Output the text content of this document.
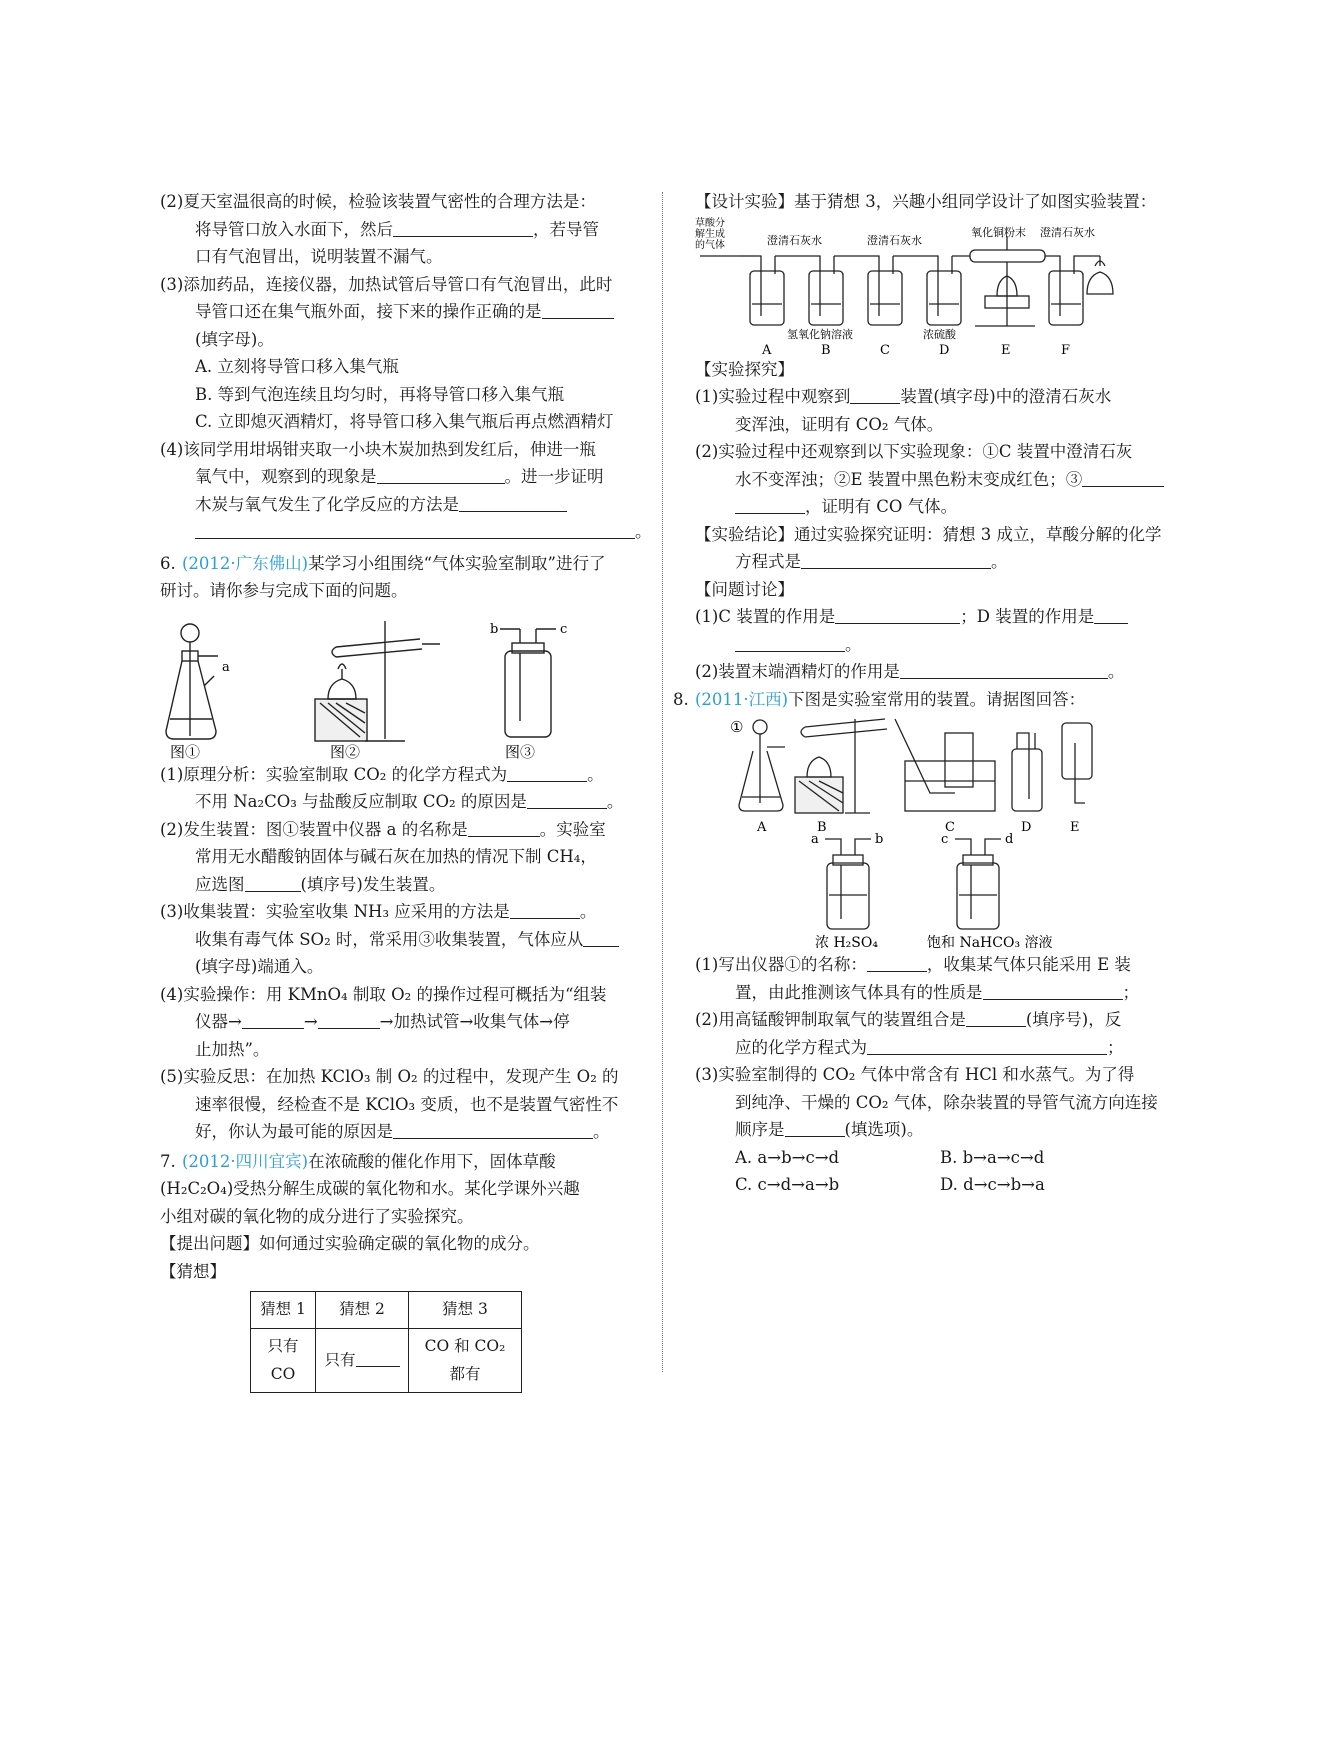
(2)夏天室温很高的时候，检验该装置气密性的合理方法是：

将导管口放入水面下，然后	，若导管

口有气泡冒出，说明装置不漏气。

(3)添加药品，连接仪器，加热试管后导管口有气泡冒出，此时

导管口还在集气瓶外面，接下来的操作正确的是

(填字母)。

A. 立刻将导管口移入集气瓶

B. 等到气泡连续且均匀时，再将导管口移入集气瓶

C. 立即熄灭酒精灯，将导管口移入集气瓶后再点燃酒精灯

(4)该同学用坩埚钳夹取一小块木炭加热到发红后，伸进一瓶

氧气中，观察到的现象是	。进一步证明

木炭与氧气发生了化学反应的方法是

。

6. (2012·广东佛山)某学习小组围绕“气体实验室制取”进行了

研讨。请你参与完成下面的问题。

a
b	c
图①	图②	图③

(1)原理分析：实验室制取 CO₂ 的化学方程式为	。

不用 Na₂CO₃ 与盐酸反应制取 CO₂ 的原因是	。

(2)发生装置：图①装置中仪器 a 的名称是	。实验室

常用无水醋酸钠固体与碱石灰在加热的情况下制 CH₄，

应选图	(填序号)发生装置。

(3)收集装置：实验室收集 NH₃ 应采用的方法是	。

收集有毒气体 SO₂ 时，常采用③收集装置，气体应从

(填字母)端通入。

(4)实验操作：用 KMnO₄ 制取 O₂ 的操作过程可概括为“组装

仪器→	→	→加热试管→收集气体→停

止加热”。

(5)实验反思：在加热 KClO₃ 制 O₂ 的过程中，发现产生 O₂ 的

速率很慢，经检查不是 KClO₃ 变质，也不是装置气密性不

好，你认为最可能的原因是	。

7. (2012·四川宜宾)在浓硫酸的催化作用下，固体草酸

(H₂C₂O₄)受热分解生成碳的氧化物和水。某化学课外兴趣

小组对碳的氧化物的成分进行了实验探究。

【提出问题】如何通过实验确定碳的氧化物的成分。

【猜想】

猜想 1	猜想 2	猜想 3
只有 CO	只有	CO 和 CO₂ 都有

【设计实验】基于猜想 3，兴趣小组同学设计了如图实验装置：

草酸分
解生成
的气体	澄清石灰水	澄清石灰水
氧化铜粉末 澄清石灰水
氢氧化钠溶液	浓硫酸
A	B	C	D	E	F

【实验探究】

(1)实验过程中观察到	装置(填字母)中的澄清石灰水

变浑浊，证明有 CO₂ 气体。

(2)实验过程中还观察到以下实验现象：①C 装置中澄清石灰

水不变浑浊；②E 装置中黑色粉末变成红色；③

，证明有 CO 气体。

【实验结论】通过实验探究证明：猜想 3 成立，草酸分解的化学

方程式是	。

【问题讨论】

(1)C 装置的作用是	；D 装置的作用是

。

(2)装置末端酒精灯的作用是	。

8. (2011·江西)下图是实验室常用的装置。请据图回答：

①
A	B	C	D	E
a	b	c	d
浓 H₂SO₄	饱和 NaHCO₃ 溶液

(1)写出仪器①的名称：	，收集某气体只能采用 E 装

置，由此推测该气体具有的性质是	；

(2)用高锰酸钾制取氧气的装置组合是	(填序号)，反

应的化学方程式为	；

(3)实验室制得的 CO₂ 气体中常含有 HCl 和水蒸气。为了得

到纯净、干燥的 CO₂ 气体，除杂装置的导管气流方向连接

顺序是	(填选项)。

A. a→b→c→d	B. b→a→c→d

C. c→d→a→b	D. d→c→b→a
